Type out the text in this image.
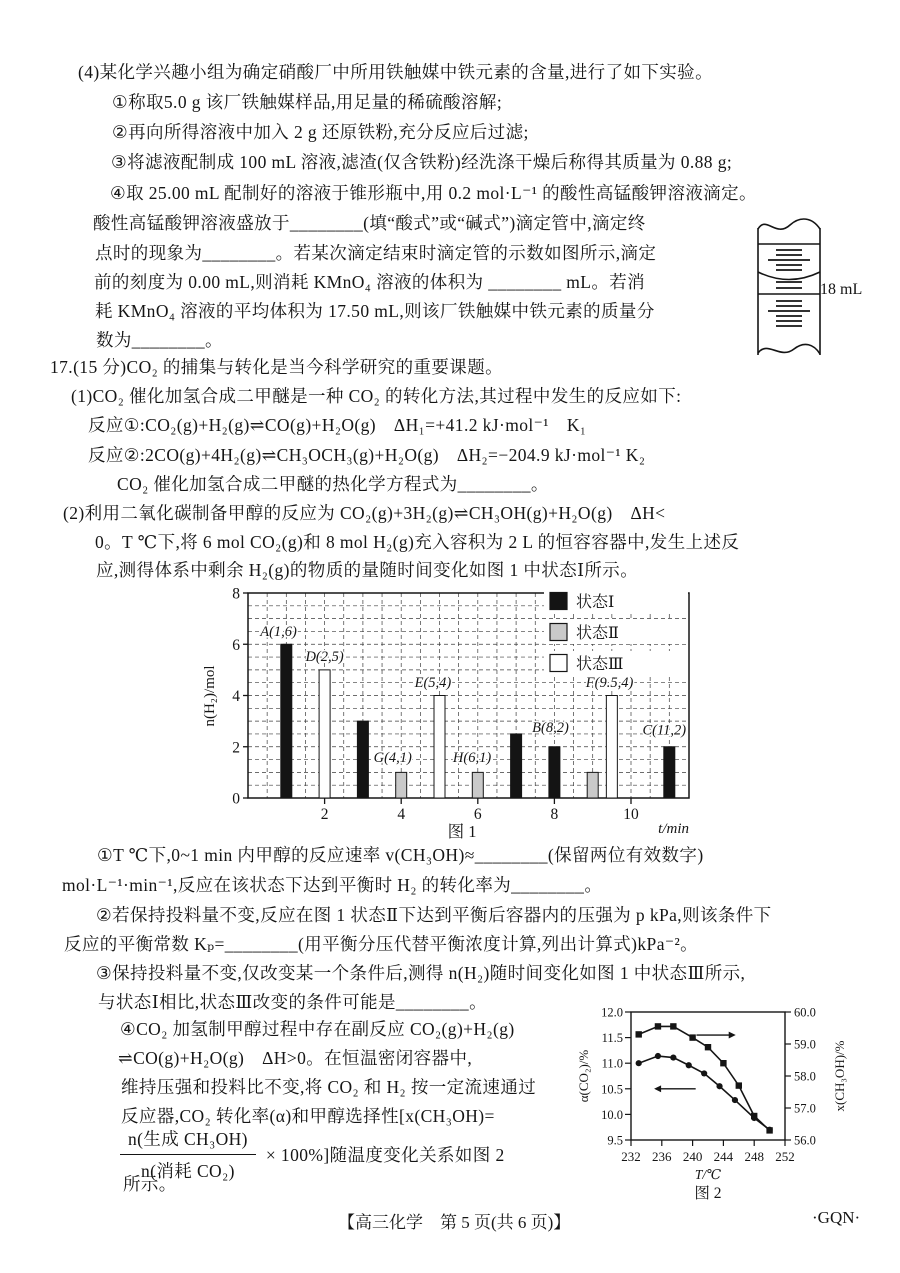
(4)某化学兴趣小组为确定硝酸厂中所用铁触媒中铁元素的含量,进行了如下实验。
①称取5.0 g 该厂铁触媒样品,用足量的稀硫酸溶解;
②再向所得溶液中加入 2 g 还原铁粉,充分反应后过滤;
③将滤液配制成 100 mL 溶液,滤渣(仅含铁粉)经洗涤干燥后称得其质量为 0.88 g;
④取 25.00 mL 配制好的溶液于锥形瓶中,用 0.2 mol·L⁻¹ 的酸性高锰酸钾溶液滴定。
酸性高锰酸钾溶液盛放于________(填“酸式”或“碱式”)滴定管中,滴定终
点时的现象为________。若某次滴定结束时滴定管的示数如图所示,滴定
前的刻度为 0.00 mL,则消耗 KMnO₄ 溶液的体积为 ________ mL。若消
耗 KMnO₄ 溶液的平均体积为 17.50 mL,则该厂铁触媒中铁元素的质量分
数为________。
17.(15 分)CO₂ 的捕集与转化是当今科学研究的重要课题。
(1)CO₂ 催化加氢合成二甲醚是一种 CO₂ 的转化方法,其过程中发生的反应如下:
反应①:CO₂(g)+H₂(g)⇌CO(g)+H₂O(g)　ΔH₁=+41.2 kJ·mol⁻¹　K₁
反应②:2CO(g)+4H₂(g)⇌CH₃OCH₃(g)+H₂O(g)　ΔH₂=−204.9 kJ·mol⁻¹ K₂
CO₂ 催化加氢合成二甲醚的热化学方程式为________。
(2)利用二氧化碳制备甲醇的反应为 CO₂(g)+3H₂(g)⇌CH₃OH(g)+H₂O(g)　ΔH<
0。T ℃下,将 6 mol CO₂(g)和 8 mol H₂(g)充入容积为 2 L 的恒容容器中,发生上述反
应,测得体系中剩余 H₂(g)的物质的量随时间变化如图 1 中状态Ⅰ所示。
①T ℃下,0~1 min 内甲醇的反应速率 v(CH₃OH)≈________(保留两位有效数字)
mol·L⁻¹·min⁻¹,反应在该状态下达到平衡时 H₂ 的转化率为________。
②若保持投料量不变,反应在图 1 状态Ⅱ下达到平衡后容器内的压强为 p kPa,则该条件下
反应的平衡常数 Kₚ=________(用平衡分压代替平衡浓度计算,列出计算式)kPa⁻²。
③保持投料量不变,仅改变某一个条件后,测得 n(H₂)随时间变化如图 1 中状态Ⅲ所示,
与状态Ⅰ相比,状态Ⅲ改变的条件可能是________。
④CO₂ 加氢制甲醇过程中存在副反应 CO₂(g)+H₂(g)
⇌CO(g)+H₂O(g)　ΔH>0。在恒温密闭容器中,
维持压强和投料比不变,将 CO₂ 和 H₂ 按一定流速通过
反应器,CO₂ 转化率(α)和甲醇选择性[x(CH₃OH)=
所示。
$\frac{\text{n(生成 CH₃OH)}}{\text{n(消耗 CO₂)}} \times 100\%$]随温度变化关系如图 2
18 mL
0
2
4
6
8
2	4	6	8	10
A(1,6)
D(2,5)
G(4,1)
E(5,4)
H(6,1)
B(8,2)
F(9.5,4)
C(11,2)
状态Ⅰ
状态Ⅱ
状态Ⅲ
n(H₂)/mol
t/min
图 1
9.5
10.0
10.5
11.0
11.5
12.0
56.0
57.0
58.0
59.0
60.0
232 236 240 244 248 252
α(CO₂)/%	x(CH₃OH)/%
T/℃
图 2
【高三化学　第 5 页(共 6 页)】	·GQN·
